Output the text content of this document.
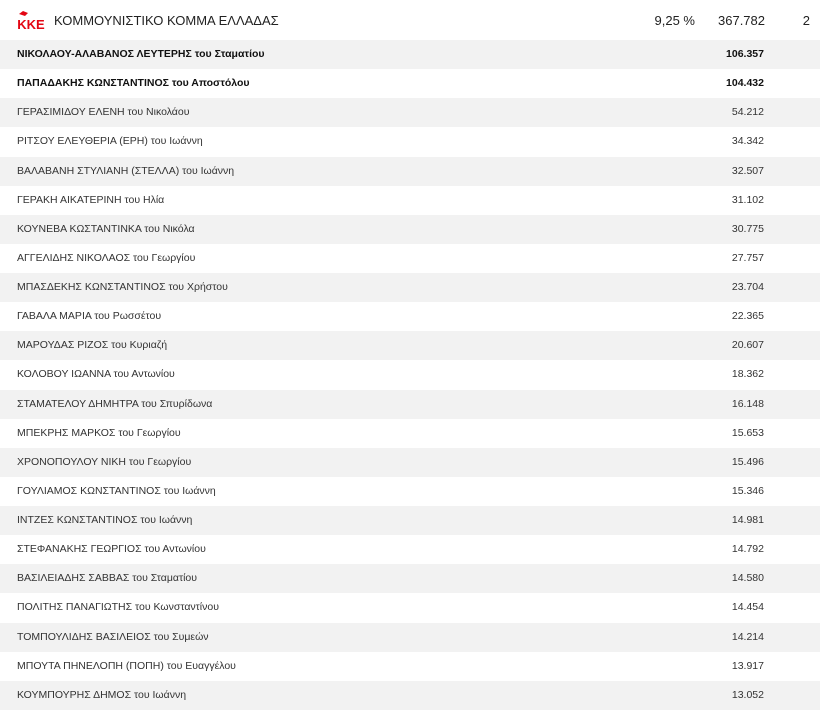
KKE ΚΟΜΜΟΥΝΙΣΤΙΚΟ ΚΟΜΜΑ ΕΛΛΑΔΑΣ	9,25 % 367.782	2
ΝΙΚΟΛΑΟΥ-ΑΛΑΒΑΝΟΣ ΛΕΥΤΕΡΗΣ του Σταματίου	106.357
ΠΑΠΑΔΑΚΗΣ ΚΩΝΣΤΑΝΤΙΝΟΣ του Αποστόλου	104.432
ΓΕΡΑΣΙΜΙΔΟΥ ΕΛΕΝΗ του Νικολάου	54.212
ΡΙΤΣΟΥ ΕΛΕΥΘΕΡΙΑ (ΕΡΗ) του Ιωάννη	34.342
ΒΑΛΑΒΑΝΗ ΣΤΥΛΙΑΝΗ (ΣΤΕΛΛΑ) του Ιωάννη	32.507
ΓΕΡΑΚΗ ΑΙΚΑΤΕΡΙΝΗ του Ηλία	31.102
ΚΟΥΝΕΒΑ ΚΩΣΤΑΝΤΙΝΚΑ του Νικόλα	30.775
ΑΓΓΕΛΙΔΗΣ ΝΙΚΟΛΑΟΣ του Γεωργίου	27.757
ΜΠΑΣΔΕΚΗΣ ΚΩΝΣΤΑΝΤΙΝΟΣ του Χρήστου	23.704
ΓΑΒΑΛΑ ΜΑΡΙΑ του Ρωσσέτου	22.365
ΜΑΡΟΥΔΑΣ ΡΙΖΟΣ του Κυριαζή	20.607
ΚΟΛΟΒΟΥ ΙΩΑΝΝΑ του Αντωνίου	18.362
ΣΤΑΜΑΤΕΛΟΥ ΔΗΜΗΤΡΑ του Σπυρίδωνα	16.148
ΜΠΕΚΡΗΣ ΜΑΡΚΟΣ του Γεωργίου	15.653
ΧΡΟΝΟΠΟΥΛΟΥ ΝΙΚΗ του Γεωργίου	15.496
ΓΟΥΛΙΑΜΟΣ ΚΩΝΣΤΑΝΤΙΝΟΣ του Ιωάννη	15.346
ΙΝΤΖΕΣ ΚΩΝΣΤΑΝΤΙΝΟΣ του Ιωάννη	14.981
ΣΤΕΦΑΝΑΚΗΣ ΓΕΩΡΓΙΟΣ του Αντωνίου	14.792
ΒΑΣΙΛΕΙΑΔΗΣ ΣΑΒΒΑΣ του Σταματίου	14.580
ΠΟΛΙΤΗΣ ΠΑΝΑΓΙΩΤΗΣ του Κωνσταντίνου	14.454
ΤΟΜΠΟΥΛΙΔΗΣ ΒΑΣΙΛΕΙΟΣ του Συμεών	14.214
ΜΠΟΥΤΑ ΠΗΝΕΛΟΠΗ (ΠΟΠΗ) του Ευαγγέλου	13.917
ΚΟΥΜΠΟΥΡΗΣ ΔΗΜΟΣ του Ιωάννη	13.052
